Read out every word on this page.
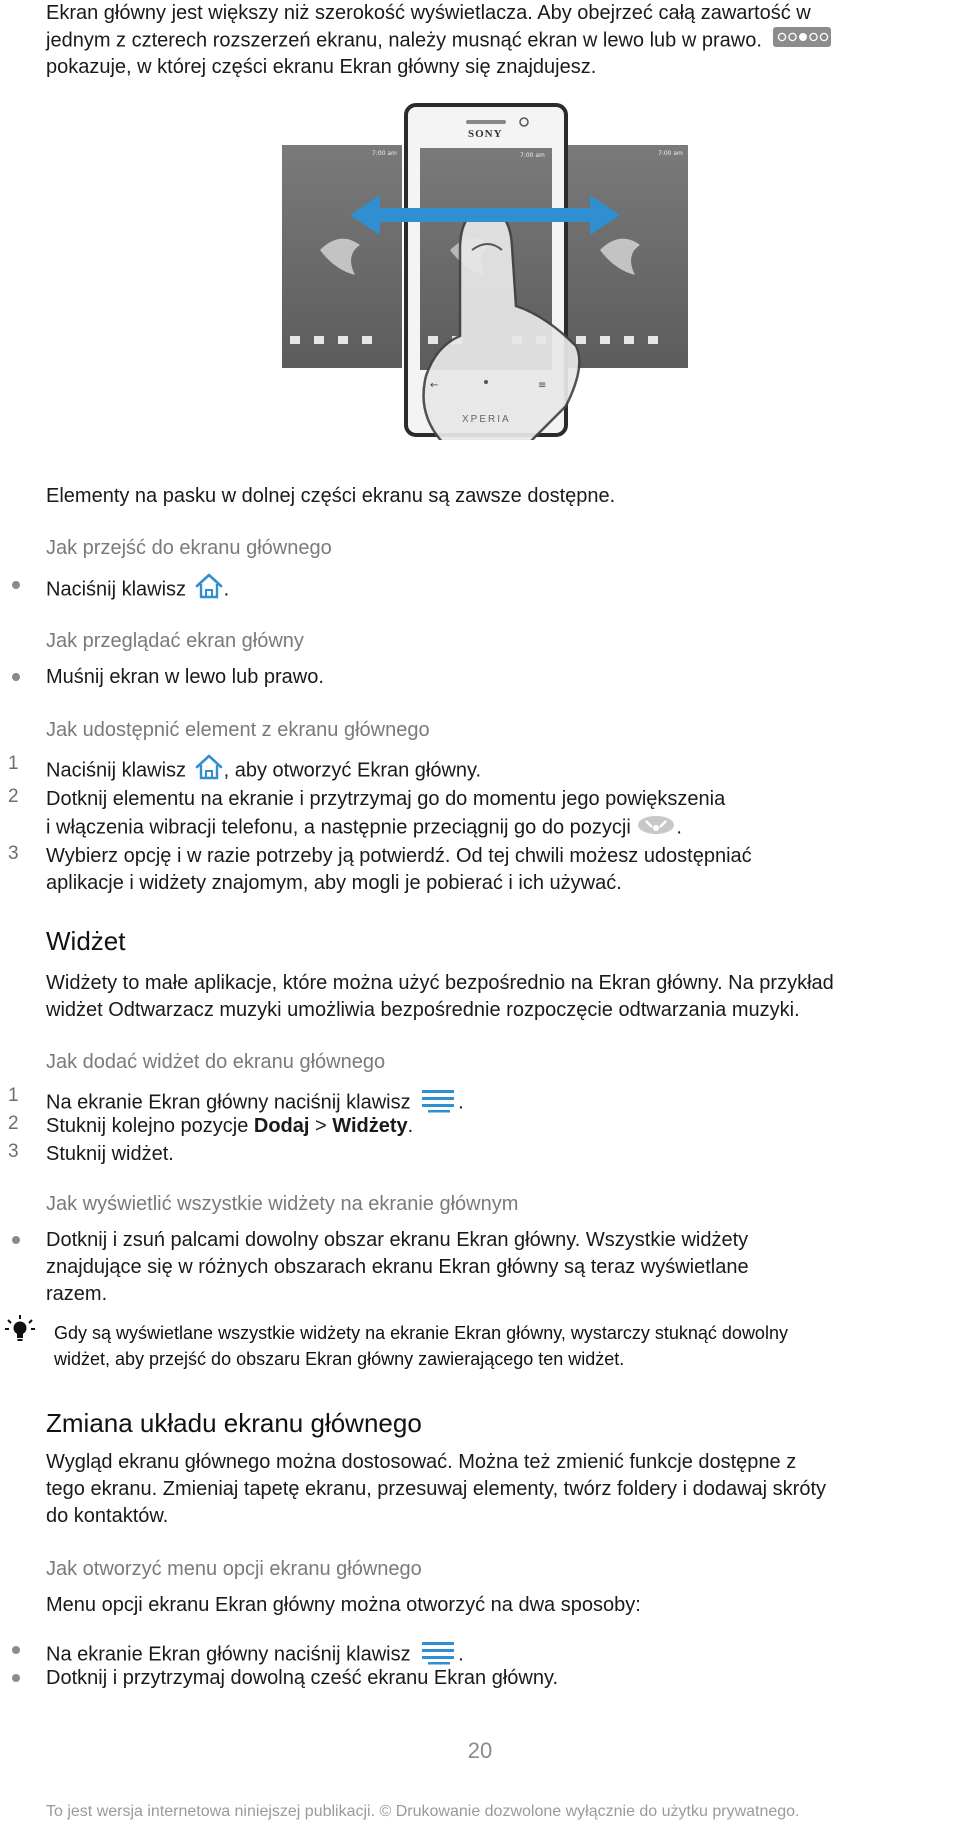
Ekran główny jest większy niż szerokość wyświetlacza. Aby obejrzeć całą zawartość w
jednym z czterech rozszerzeń ekranu, należy musnąć ekran w lewo lub w prawo.
pokazuje, w której części ekranu Ekran główny się znajdujesz.
←	≡
7:00 am	7:00 am	7:00 am
SONY
XPERIA
Elementy na pasku w dolnej części ekranu są zawsze dostępne.
Jak przejść do ekranu głównego
Naciśnij klawisz .
Jak przeglądać ekran główny
Muśnij ekran w lewo lub prawo.
Jak udostępnić element z ekranu głównego
1 Naciśnij klawisz , aby otworzyć Ekran główny.
2 Dotknij elementu na ekranie i przytrzymaj go do momentu jego powiększenia
i włączenia wibracji telefonu, a następnie przeciągnij go do pozycji .
3 Wybierz opcję i w razie potrzeby ją potwierdź. Od tej chwili możesz udostępniać
aplikacje i widżety znajomym, aby mogli je pobierać i ich używać.
Widżet
Widżety to małe aplikacje, które można użyć bezpośrednio na Ekran główny. Na przykład
widżet Odtwarzacz muzyki umożliwia bezpośrednie rozpoczęcie odtwarzania muzyki.
Jak dodać widżet do ekranu głównego
1 Na ekranie Ekran główny naciśnij klawisz .
2 Stuknij kolejno pozycje Dodaj > Widżety.
3 Stuknij widżet.
Jak wyświetlić wszystkie widżety na ekranie głównym
Dotknij i zsuń palcami dowolny obszar ekranu Ekran główny. Wszystkie widżety
znajdujące się w różnych obszarach ekranu Ekran główny są teraz wyświetlane
razem.
Gdy są wyświetlane wszystkie widżety na ekranie Ekran główny, wystarczy stuknąć dowolny
widżet, aby przejść do obszaru Ekran główny zawierającego ten widżet.
Zmiana układu ekranu głównego
Wygląd ekranu głównego można dostosować. Można też zmienić funkcje dostępne z
tego ekranu. Zmieniaj tapetę ekranu, przesuwaj elementy, twórz foldery i dodawaj skróty
do kontaktów.
Jak otworzyć menu opcji ekranu głównego
Menu opcji ekranu Ekran główny można otworzyć na dwa sposoby:
Na ekranie Ekran główny naciśnij klawisz .
Dotknij i przytrzymaj dowolną cześć ekranu Ekran główny.
20
To jest wersja internetowa niniejszej publikacji. © Drukowanie dozwolone wyłącznie do użytku prywatnego.
